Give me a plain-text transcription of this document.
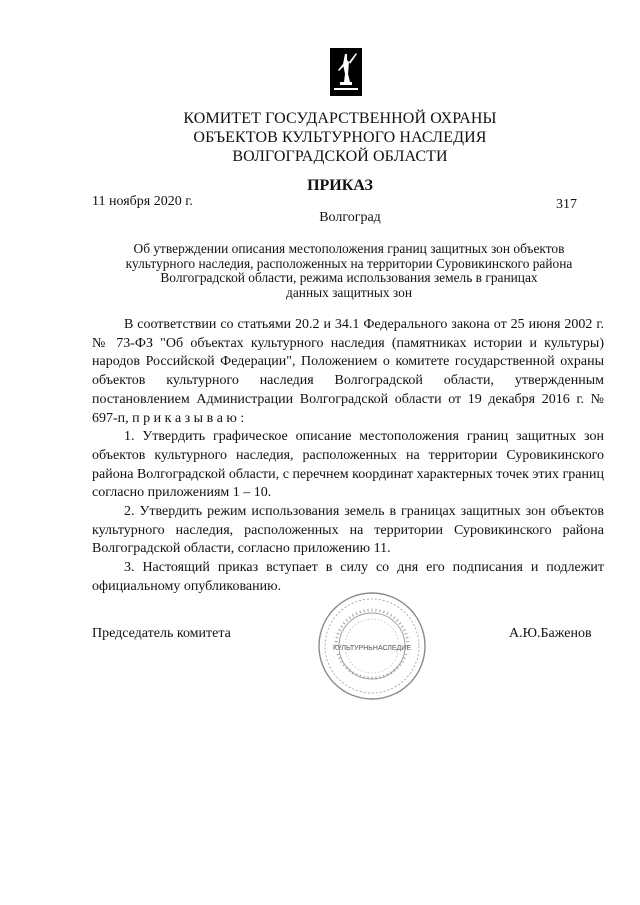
КОМИТЕТ ГОСУДАРСТВЕННОЙ ОХРАНЫ
ОБЪЕКТОВ КУЛЬТУРНОГО НАСЛЕДИЯ
ВОЛГОГРАДСКОЙ ОБЛАСТИ
ПРИКАЗ
11 ноября 2020 г.	317
Волгоград
Об утверждении описания местоположения границ защитных зон объектов
культурного наследия, расположенных на территории Суровикинского района
Волгоградской области, режима использования земель в границах
данных защитных зон

В соответствии со статьями 20.2 и 34.1 Федерального закона от 25 июня 2002 г. № 73-ФЗ "Об объектах культурного наследия (памятниках истории и культуры) народов Российской Федерации", Положением о комитете государственной охраны объектов культурного наследия Волгоградской области, утвержденным постановлением Администрации Волгоградской области от 19 декабря 2016 г. № 697-п, п р и к а з ы в а ю :

1. Утвердить графическое описание местоположения границ защитных зон объектов культурного наследия, расположенных на территории Суровикинского района Волгоградской области, с перечнем координат характерных точек этих границ согласно приложениям 1 – 10.

2. Утвердить режим использования земель в границах защитных зон объектов культурного наследия, расположенных на территории Суровикинского района Волгоградской области, согласно приложению 11.

3. Настоящий приказ вступает в силу со дня его подписания и подлежит официальному опубликованию.

КУЛЬТУРНЬНАСЛЕДИЕ
Председатель комитета	А.Ю.Баженов
